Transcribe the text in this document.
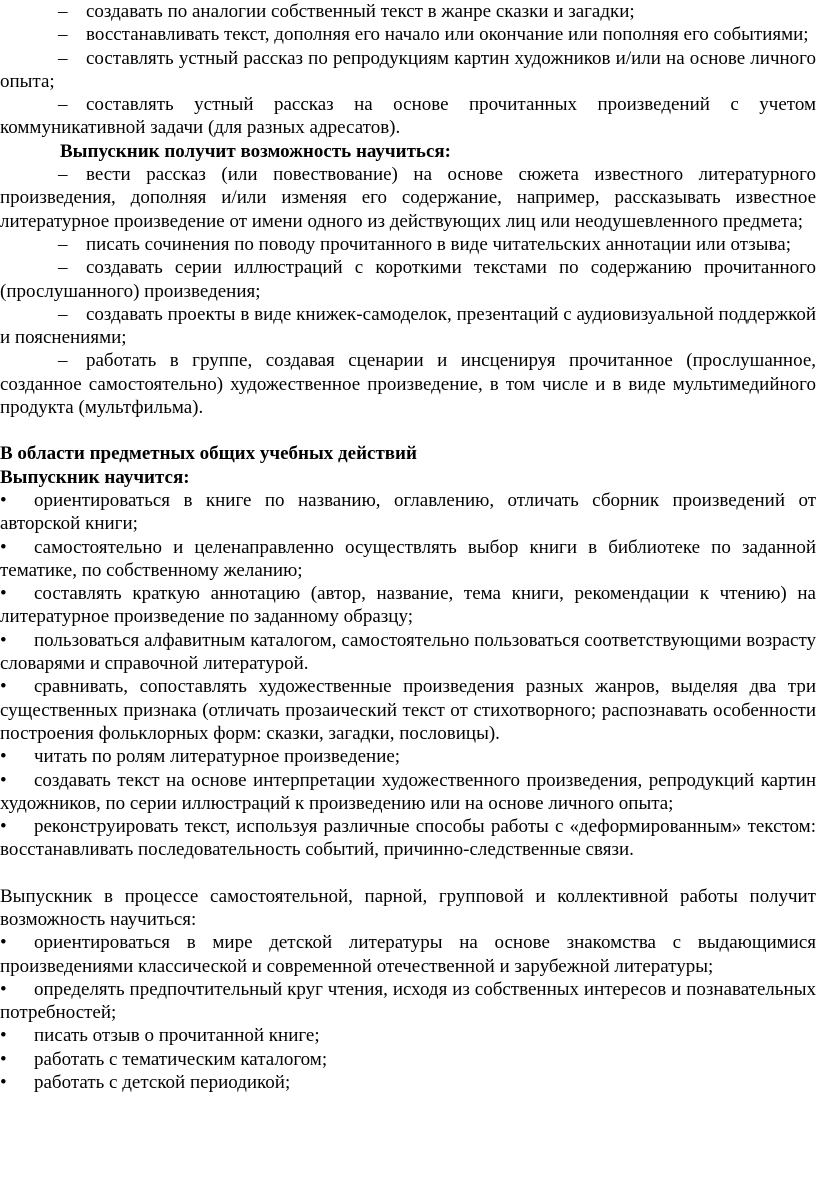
– создавать по аналогии собственный текст в жанре сказки и загадки;

– восстанавливать текст, дополняя его начало или окончание или пополняя его событиями;

– составлять устный рассказ по репродукциям картин художников и/или на основе личного опыта;

– составлять устный рассказ на основе прочитанных произведений с учетом коммуникативной задачи (для разных адресатов).

Выпускник получит возможность научиться:

– вести рассказ (или повествование) на основе сюжета известного литературного произведения, дополняя и/или изменяя его содержание, например, рассказывать известное литературное произведение от имени одного из действующих лиц или неодушевленного предмета;

– писать сочинения по поводу прочитанного в виде читательских аннотации или отзыва;

– создавать серии иллюстраций с короткими текстами по содержанию прочитанного (прослушанного) произведения;

– создавать проекты в виде книжек-самоделок, презентаций с аудиовизуальной поддержкой и пояснениями;

– работать в группе, создавая сценарии и инсценируя прочитанное (прослушанное, созданное самостоятельно) художественное произведение, в том числе и в виде мультимедийного продукта (мультфильма).

В области предметных общих учебных действий

Выпускник научится:

• ориентироваться в книге по названию, оглавлению, отличать сборник произведений от авторской книги;

• самостоятельно и целенаправленно осуществлять выбор книги в библиотеке по заданной тематике, по собственному желанию;

• составлять краткую аннотацию (автор, название, тема книги, рекомендации к чтению) на литературное произведение по заданному образцу;

• пользоваться алфавитным каталогом, самостоятельно пользоваться соответствующими возрасту словарями и справочной литературой.

• сравнивать, сопоставлять художественные произведения разных жанров, выделяя два три существенных признака (отличать прозаический текст от стихотворного; распознавать особенности построения фольклорных форм: сказки, загадки, пословицы).

• читать по ролям литературное произведение;

• создавать текст на основе интерпретации художественного произведения, репродукций картин художников, по серии иллюстраций к произведению или на основе личного опыта;

• реконструировать текст, используя различные способы работы с «деформированным» текстом: восстанавливать последовательность событий, причинно-следственные связи.

Выпускник в процессе самостоятельной, парной, групповой и коллективной работы получит возможность научиться:

• ориентироваться в мире детской литературы на основе знакомства с выдающимися произведениями классической и современной отечественной и зарубежной литературы;

• определять предпочтительный круг чтения, исходя из собственных интересов и познавательных потребностей;

• писать отзыв о прочитанной книге;

• работать с тематическим каталогом;

• работать с детской периодикой;
